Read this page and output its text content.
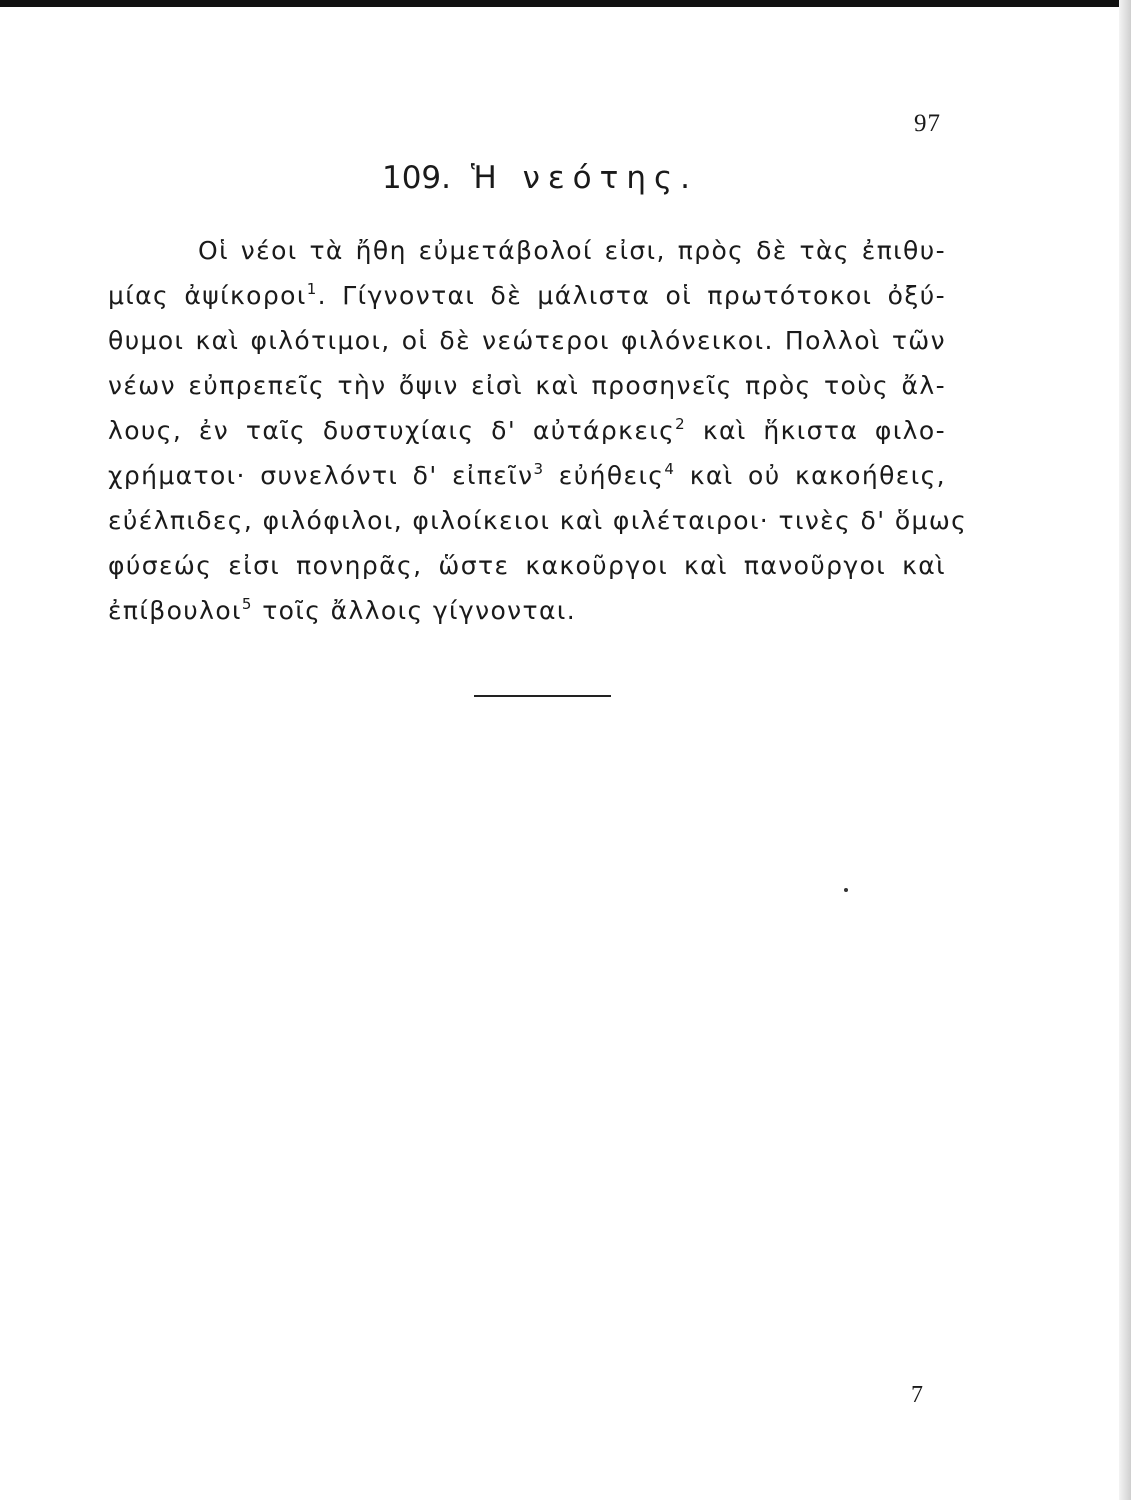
97
109. Ἡ νεότης.
Οἱ νέοι τὰ ἤθη εὐμετάβολοί εἰσι, πρὸς δὲ τὰς ἐπιθυ-
μίας ἀψίκοροι$^1$. Γίγνονται δὲ μάλιστα οἱ πρωτότοκοι ὀξύ-
θυμοι καὶ φιλότιμοι, οἱ δὲ νεώτεροι φιλόνεικοι. Πολλοὶ τῶν
νέων εὐπρεπεῖς τὴν ὄψιν εἰσὶ καὶ προσηνεῖς πρὸς τοὺς ἄλ-
λους, ἐν ταῖς δυστυχίαις δ' αὐτάρκεις$^2$ καὶ ἥκιστα φιλο-
χρήματοι· συνελόντι δ' εἰπεῖν$^3$ εὐήθεις$^4$ καὶ οὐ κακοήθεις,
εὐέλπιδες, φιλόφιλοι, φιλοίκειοι καὶ φιλέταιροι· τινὲς δ' ὅμως
φύσεώς εἰσι πονηρᾶς, ὥστε κακοῦργοι καὶ πανοῦργοι καὶ
ἐπίβουλοι$^5$ τοῖς ἄλλοις γίγνονται.
7
